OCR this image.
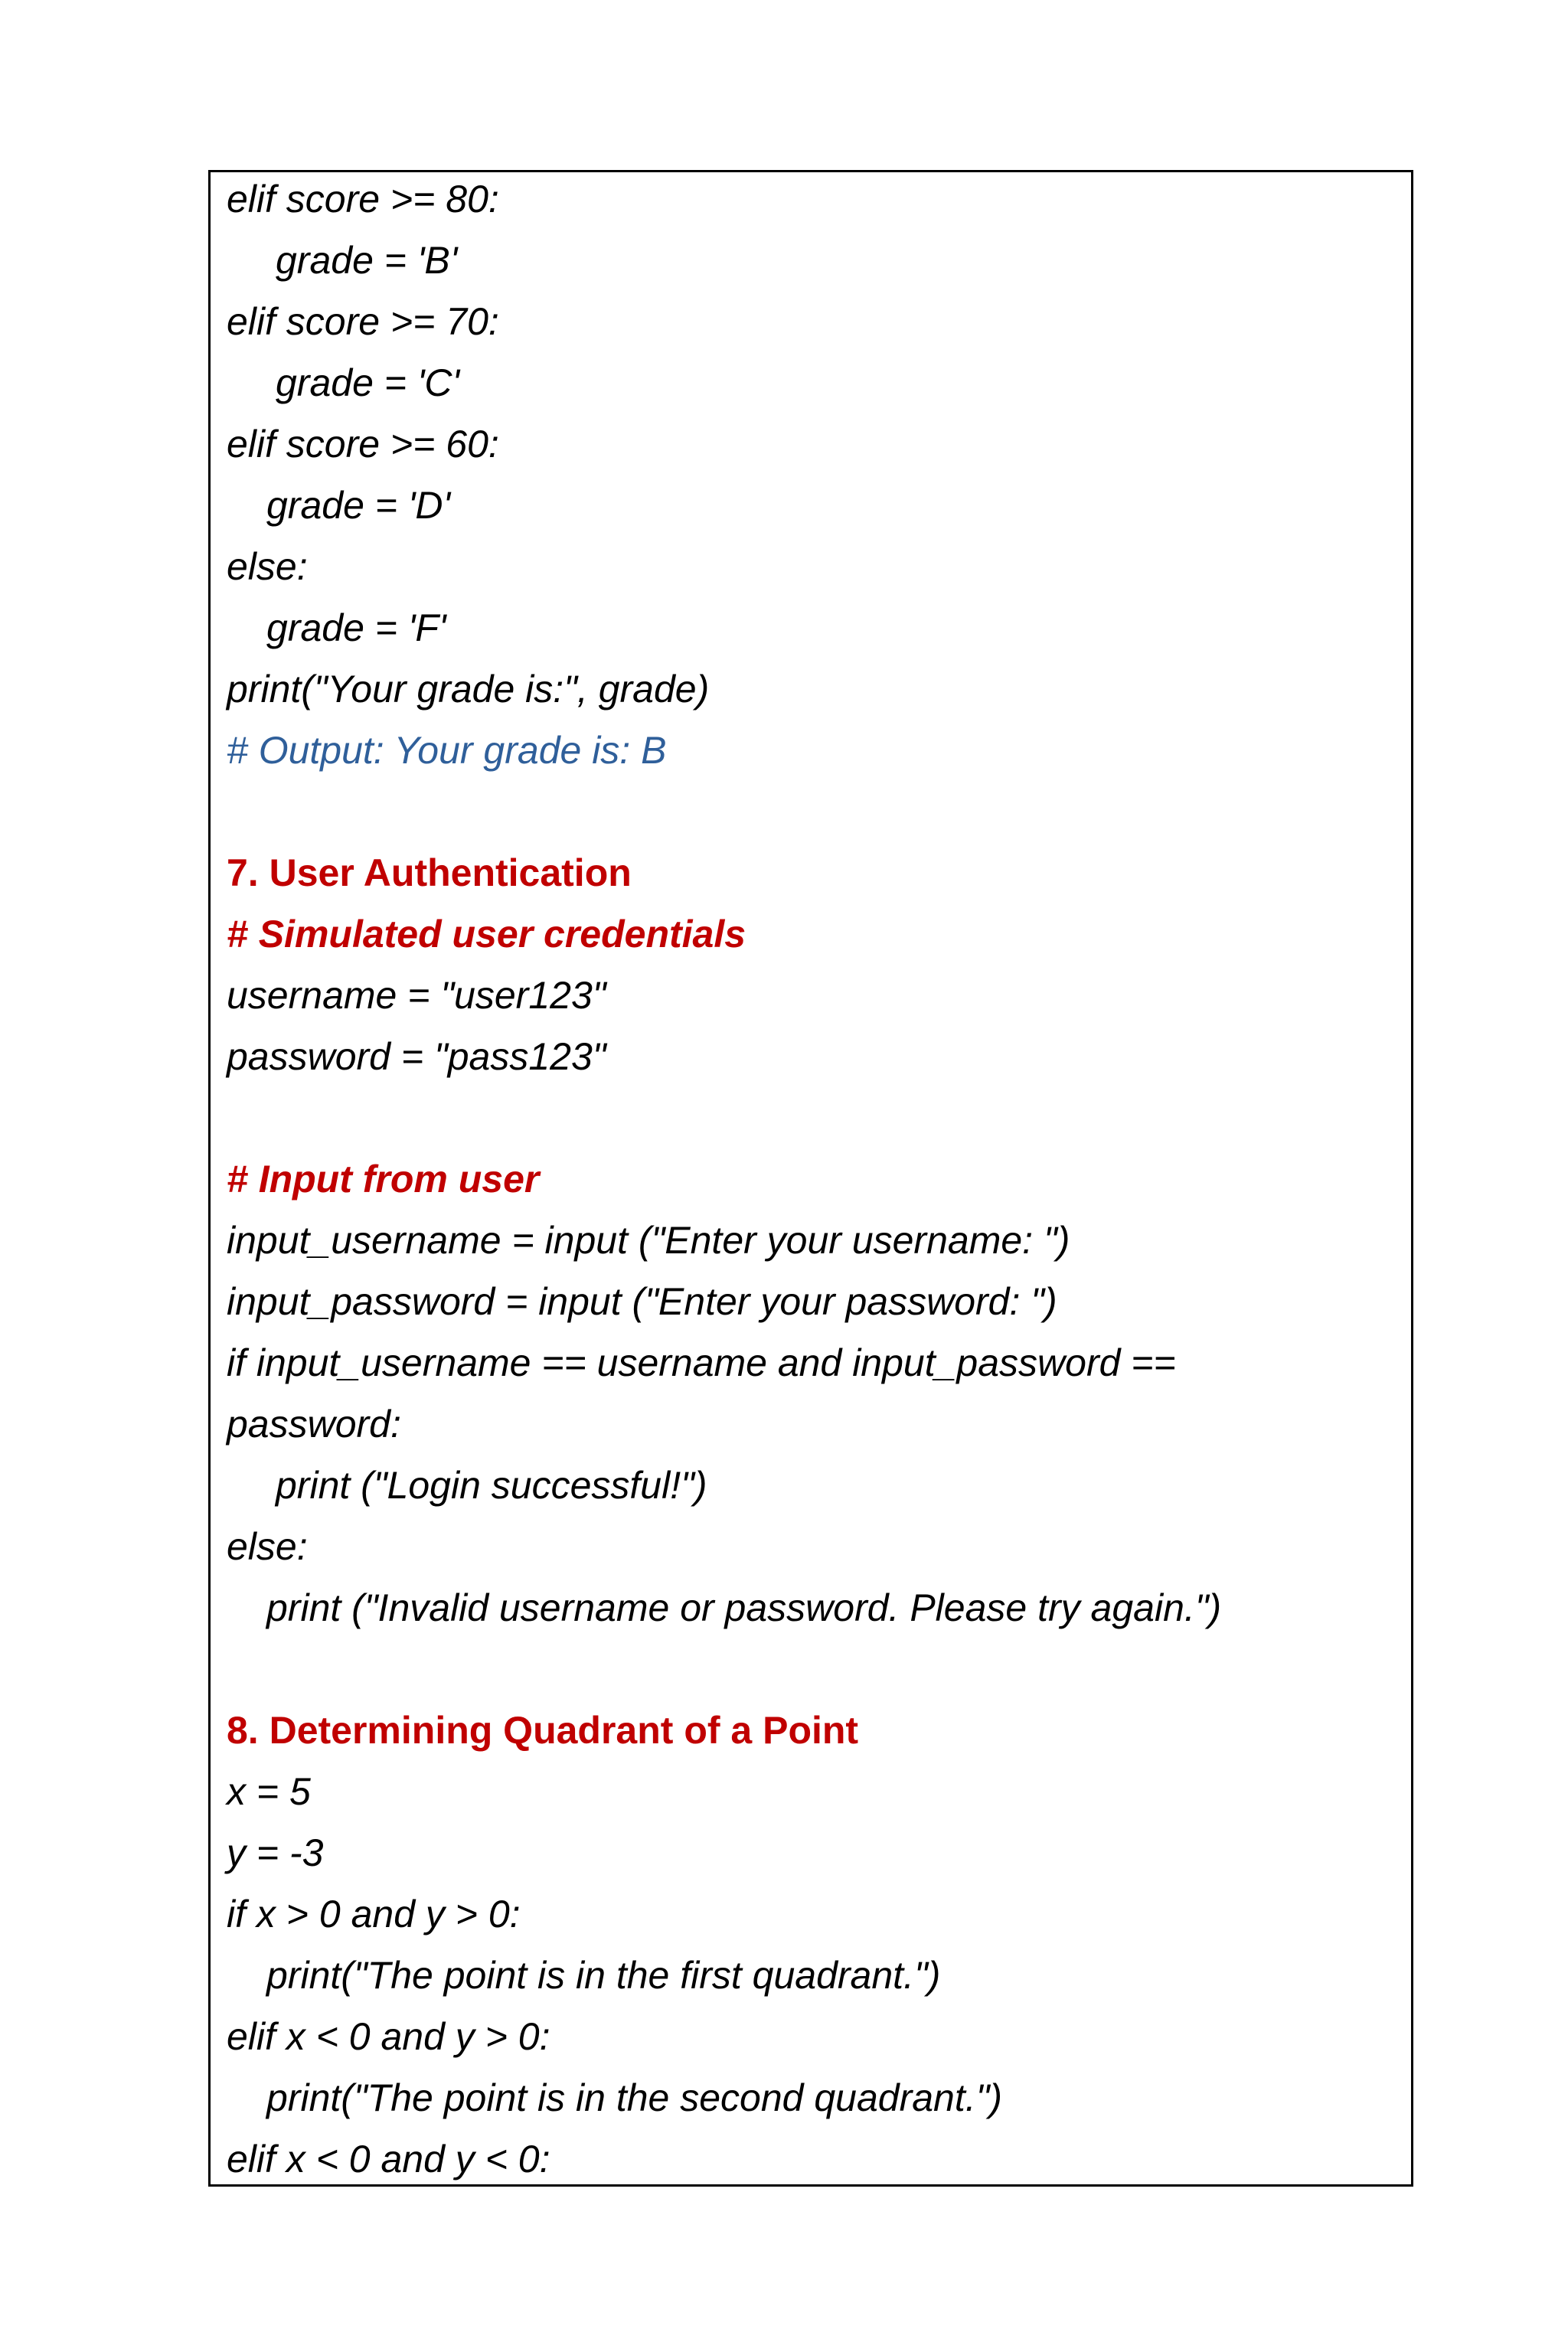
elif score >= 80:
grade = 'B'
elif score >= 70:
grade = 'C'
elif score >= 60:
grade = 'D'
else:
grade = 'F'
print("Your grade is:", grade)
# Output: Your grade is: B
7. User Authentication
# Simulated user credentials
username = "user123"
password = "pass123"
# Input from user
input_username = input ("Enter your username: ")
input_password = input ("Enter your password: ")
if input_username == username and input_password ==
password:
print ("Login successful!")
else:
print ("Invalid username or password. Please try again.")
8. Determining Quadrant of a Point
x = 5
y = -3
if x > 0 and y > 0:
print("The point is in the first quadrant.")
elif x < 0 and y > 0:
print("The point is in the second quadrant.")
elif x < 0 and y < 0:
